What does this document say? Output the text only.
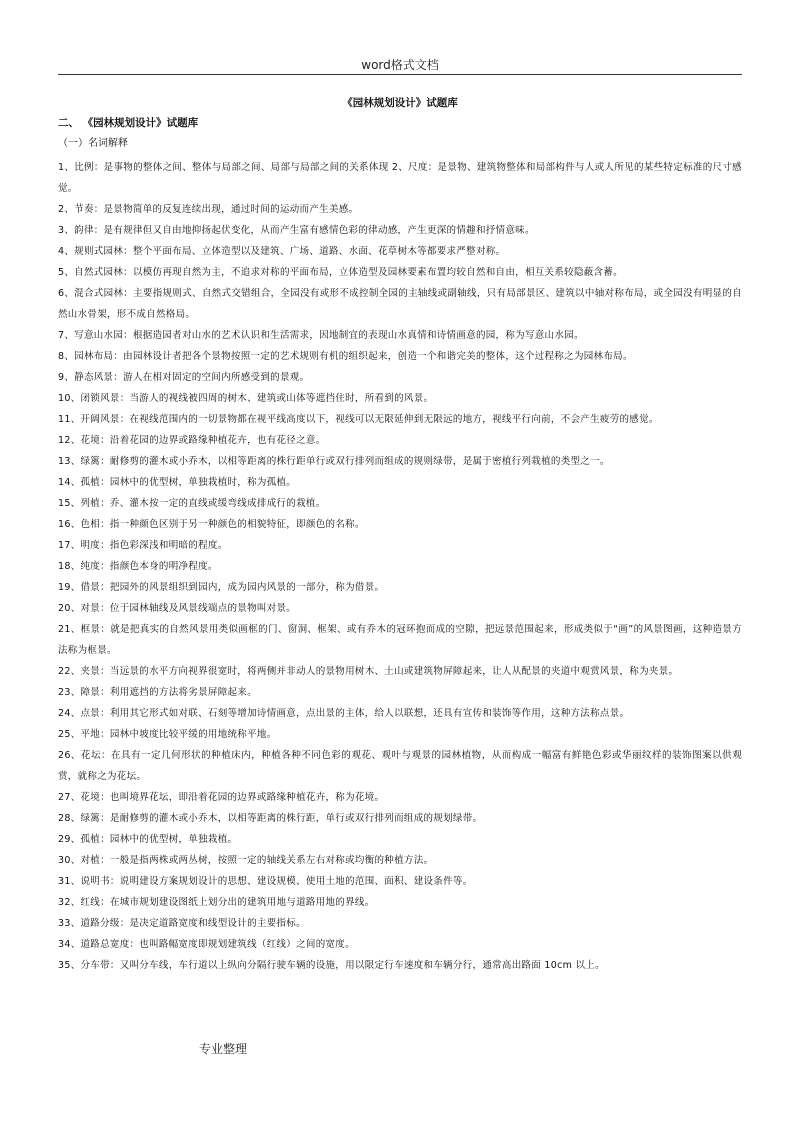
word格式文档
《园林规划设计》试题库
二、 《园林规划设计》试题库
（一）名词解释
1、比例：是事物的整体之间、整体与局部之间、局部与局部之间的关系体现 2、尺度：是景物、建筑物整体和局部构件与人或人所见的某些特定标准的尺寸感觉。
2、节奏：是景物简单的反复连续出现，通过时间的运动而产生美感。
3、韵律：是有规律但又自由地抑扬起伏变化，从而产生富有感情色彩的律动感，产生更深的情趣和抒情意味。
4、规则式园林：整个平面布局、立体造型以及建筑、广场、道路、水面、花草树木等都要求严整对称。
5、自然式园林：以模仿再现自然为主，不追求对称的平面布局，立体造型及园林要素布置均较自然和自由，相互关系较隐蔽含蓄。
6、混合式园林：主要指规则式、自然式交错组合，全园没有或形不成控制全园的主轴线或副轴线，只有局部景区、建筑以中轴对称布局，或全园没有明显的自然山水骨架，形不成自然格局。
7、写意山水园：根据造园者对山水的艺术认识和生活需求，因地制宜的表现山水真情和诗情画意的园，称为写意山水园。
8、园林布局：由园林设计者把各个景物按照一定的艺术规则有机的组织起来，创造一个和谐完美的整体，这个过程称之为园林布局。
9、静态风景：游人在相对固定的空间内所感受到的景观。
10、闭锁风景：当游人的视线被四周的树木、建筑或山体等遮挡住时，所看到的风景。
11、开阔风景：在视线范围内的一切景物都在视平线高度以下，视线可以无限延伸到无限远的地方，视线平行向前，不会产生疲劳的感觉。
12、花境：沿着花园的边界或路缘种植花卉，也有花径之意。
13、绿篱：耐修剪的灌木或小乔木，以相等距离的株行距单行或双行排列而组成的规则绿带，是属于密植行列栽植的类型之一。
14、孤植：园林中的优型树，单独栽植时，称为孤植。
15、列植：乔、灌木按一定的直线或缓弯线成排成行的栽植。
16、色相：指一种颜色区别于另一种颜色的相貌特征，即颜色的名称。
17、明度：指色彩深浅和明暗的程度。
18、纯度：指颜色本身的明净程度。
19、借景：把园外的风景组织到园内，成为园内风景的一部分，称为借景。
20、对景：位于园林轴线及风景线端点的景物叫对景。
21、框景：就是把真实的自然风景用类似画框的门、窗洞、框架、或有乔木的冠环抱而成的空隙，把远景范围起来，形成类似于“画”的风景图画，这种造景方法称为框景。
22、夹景：当远景的水平方向视界很宽时，将两侧并非动人的景物用树木、土山或建筑物屏障起来，让人从配景的夹道中观赏风景，称为夹景。
23、障景：利用遮挡的方法将劣景屏障起来。
24、点景：利用其它形式如对联、石刻等增加诗情画意，点出景的主体，给人以联想，还具有宣传和装饰等作用，这种方法称点景。
25、平地：园林中坡度比较平缓的用地统称平地。
26、花坛：在具有一定几何形状的种植床内，种植各种不同色彩的观花、观叶与观景的园林植物，从而构成一幅富有鲜艳色彩或华丽纹样的装饰图案以供观赏，就称之为花坛。
27、花境：也叫境界花坛，即沿着花园的边界或路缘种植花卉，称为花境。
28、绿篱：是耐修剪的灌木或小乔木，以相等距离的株行距，单行或双行排列而组成的规划绿带。
29、孤植：园林中的优型树，单独栽植。
30、对植：一般是指两株或两丛树，按照一定的轴线关系左右对称或均衡的种植方法。
31、说明书：说明建设方案规划设计的思想、建设规模、使用土地的范围、面积、建设条件等。
32、红线：在城市规划建设图纸上划分出的建筑用地与道路用地的界线。
33、道路分级：是决定道路宽度和线型设计的主要指标。
34、道路总宽度：也叫路幅宽度即规划建筑线（红线）之间的宽度。
35、分车带：又叫分车线，车行道以上纵向分隔行驶车辆的设施，用以限定行车速度和车辆分行，通常高出路面 10cm 以上。
专业整理
